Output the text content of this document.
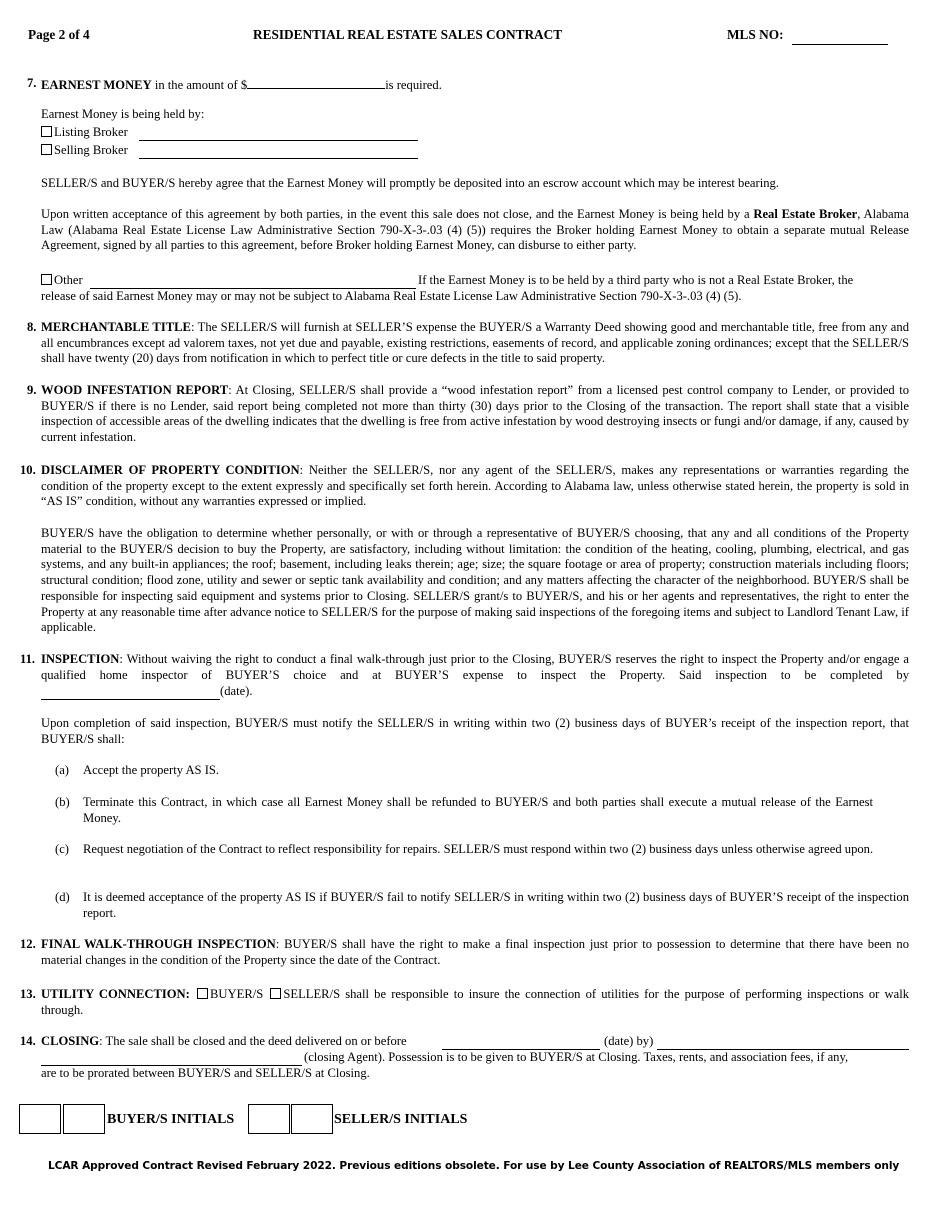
Page 2 of 4	RESIDENTIAL REAL ESTATE SALES CONTRACT	MLS NO:
7. EARNEST MONEY in the amount of $	is required.
Earnest Money is being held by:
Listing Broker
Selling Broker
SELLER/S and BUYER/S hereby agree that the Earnest Money will promptly be deposited into an escrow account which may be interest bearing.
Upon written acceptance of this agreement by both parties, in the event this sale does not close, and the Earnest Money is being held by a Real Estate Broker, Alabama Law (Alabama Real Estate License Law Administrative Section 790-X-3-.03 (4) (5)) requires the Broker holding Earnest Money to obtain a separate mutual Release Agreement, signed by all parties to this agreement, before Broker holding Earnest Money, can disburse to either party.
Other	If the Earnest Money is to be held by a third party who is not a Real Estate Broker, the
release of said Earnest Money may or may not be subject to Alabama Real Estate License Law Administrative Section 790-X-3-.03 (4) (5).
8. MERCHANTABLE TITLE: The SELLER/S will furnish at SELLER’S expense the BUYER/S a Warranty Deed showing good and merchantable title, free from any and all encumbrances except ad valorem taxes, not yet due and payable, existing restrictions, easements of record, and applicable zoning ordinances; except that the SELLER/S shall have twenty (20) days from notification in which to perfect title or cure defects in the title to said property.
9. WOOD INFESTATION REPORT: At Closing, SELLER/S shall provide a “wood infestation report” from a licensed pest control company to Lender, or provided to BUYER/S if there is no Lender, said report being completed not more than thirty (30) days prior to the Closing of the transaction. The report shall state that a visible inspection of accessible areas of the dwelling indicates that the dwelling is free from active infestation by wood destroying insects or fungi and/or damage, if any, caused by current infestation.
10. DISCLAIMER OF PROPERTY CONDITION: Neither the SELLER/S, nor any agent of the SELLER/S, makes any representations or warranties regarding the condition of the property except to the extent expressly and specifically set forth herein. According to Alabama law, unless otherwise stated herein, the property is sold in “AS IS” condition, without any warranties expressed or implied.
BUYER/S have the obligation to determine whether personally, or with or through a representative of BUYER/S choosing, that any and all conditions of the Property material to the BUYER/S decision to buy the Property, are satisfactory, including without limitation: the condition of the heating, cooling, plumbing, electrical, and gas systems, and any built-in appliances; the roof; basement, including leaks therein; age; size; the square footage or area of property; construction materials including floors; structural condition; flood zone, utility and sewer or septic tank availability and condition; and any matters affecting the character of the neighborhood. BUYER/S shall be responsible for inspecting said equipment and systems prior to Closing. SELLER/S grant/s to BUYER/S, and his or her agents and representatives, the right to enter the Property at any reasonable time after advance notice to SELLER/S for the purpose of making said inspections of the foregoing items and subject to Landlord Tenant Law, if applicable.
11. INSPECTION: Without waiving the right to conduct a final walk-through just prior to the Closing, BUYER/S reserves the right to inspect the Property and/or engage a qualified home inspector of BUYER’S choice and at BUYER’S expense to inspect the Property. Said inspection to be completed by
(date).
Upon completion of said inspection, BUYER/S must notify the SELLER/S in writing within two (2) business days of BUYER’s receipt of the inspection report, that BUYER/S shall:
(a) Accept the property AS IS.
(b) Terminate this Contract, in which case all Earnest Money shall be refunded to BUYER/S and both parties shall execute a mutual release of the Earnest Money.
(c) Request negotiation of the Contract to reflect responsibility for repairs. SELLER/S must respond within two (2) business days unless otherwise agreed upon.
(d) It is deemed acceptance of the property AS IS if BUYER/S fail to notify SELLER/S in writing within two (2) business days of BUYER’S receipt of the inspection report.
12. FINAL WALK-THROUGH INSPECTION: BUYER/S shall have the right to make a final inspection just prior to possession to determine that there have been no material changes in the condition of the Property since the date of the Contract.
13. UTILITY CONNECTION: BUYER/S SELLER/S shall be responsible to insure the connection of utilities for the purpose of performing inspections or walk through.
14. CLOSING: The sale shall be closed and the deed delivered on or before	(date) by)
(closing Agent). Possession is to be given to BUYER/S at Closing. Taxes, rents, and association fees, if any,
are to be prorated between BUYER/S and SELLER/S at Closing.
BUYER/S INITIALS	SELLER/S INITIALS
LCAR Approved Contract Revised February 2022. Previous editions obsolete. For use by Lee County Association of REALTORS/MLS members only
